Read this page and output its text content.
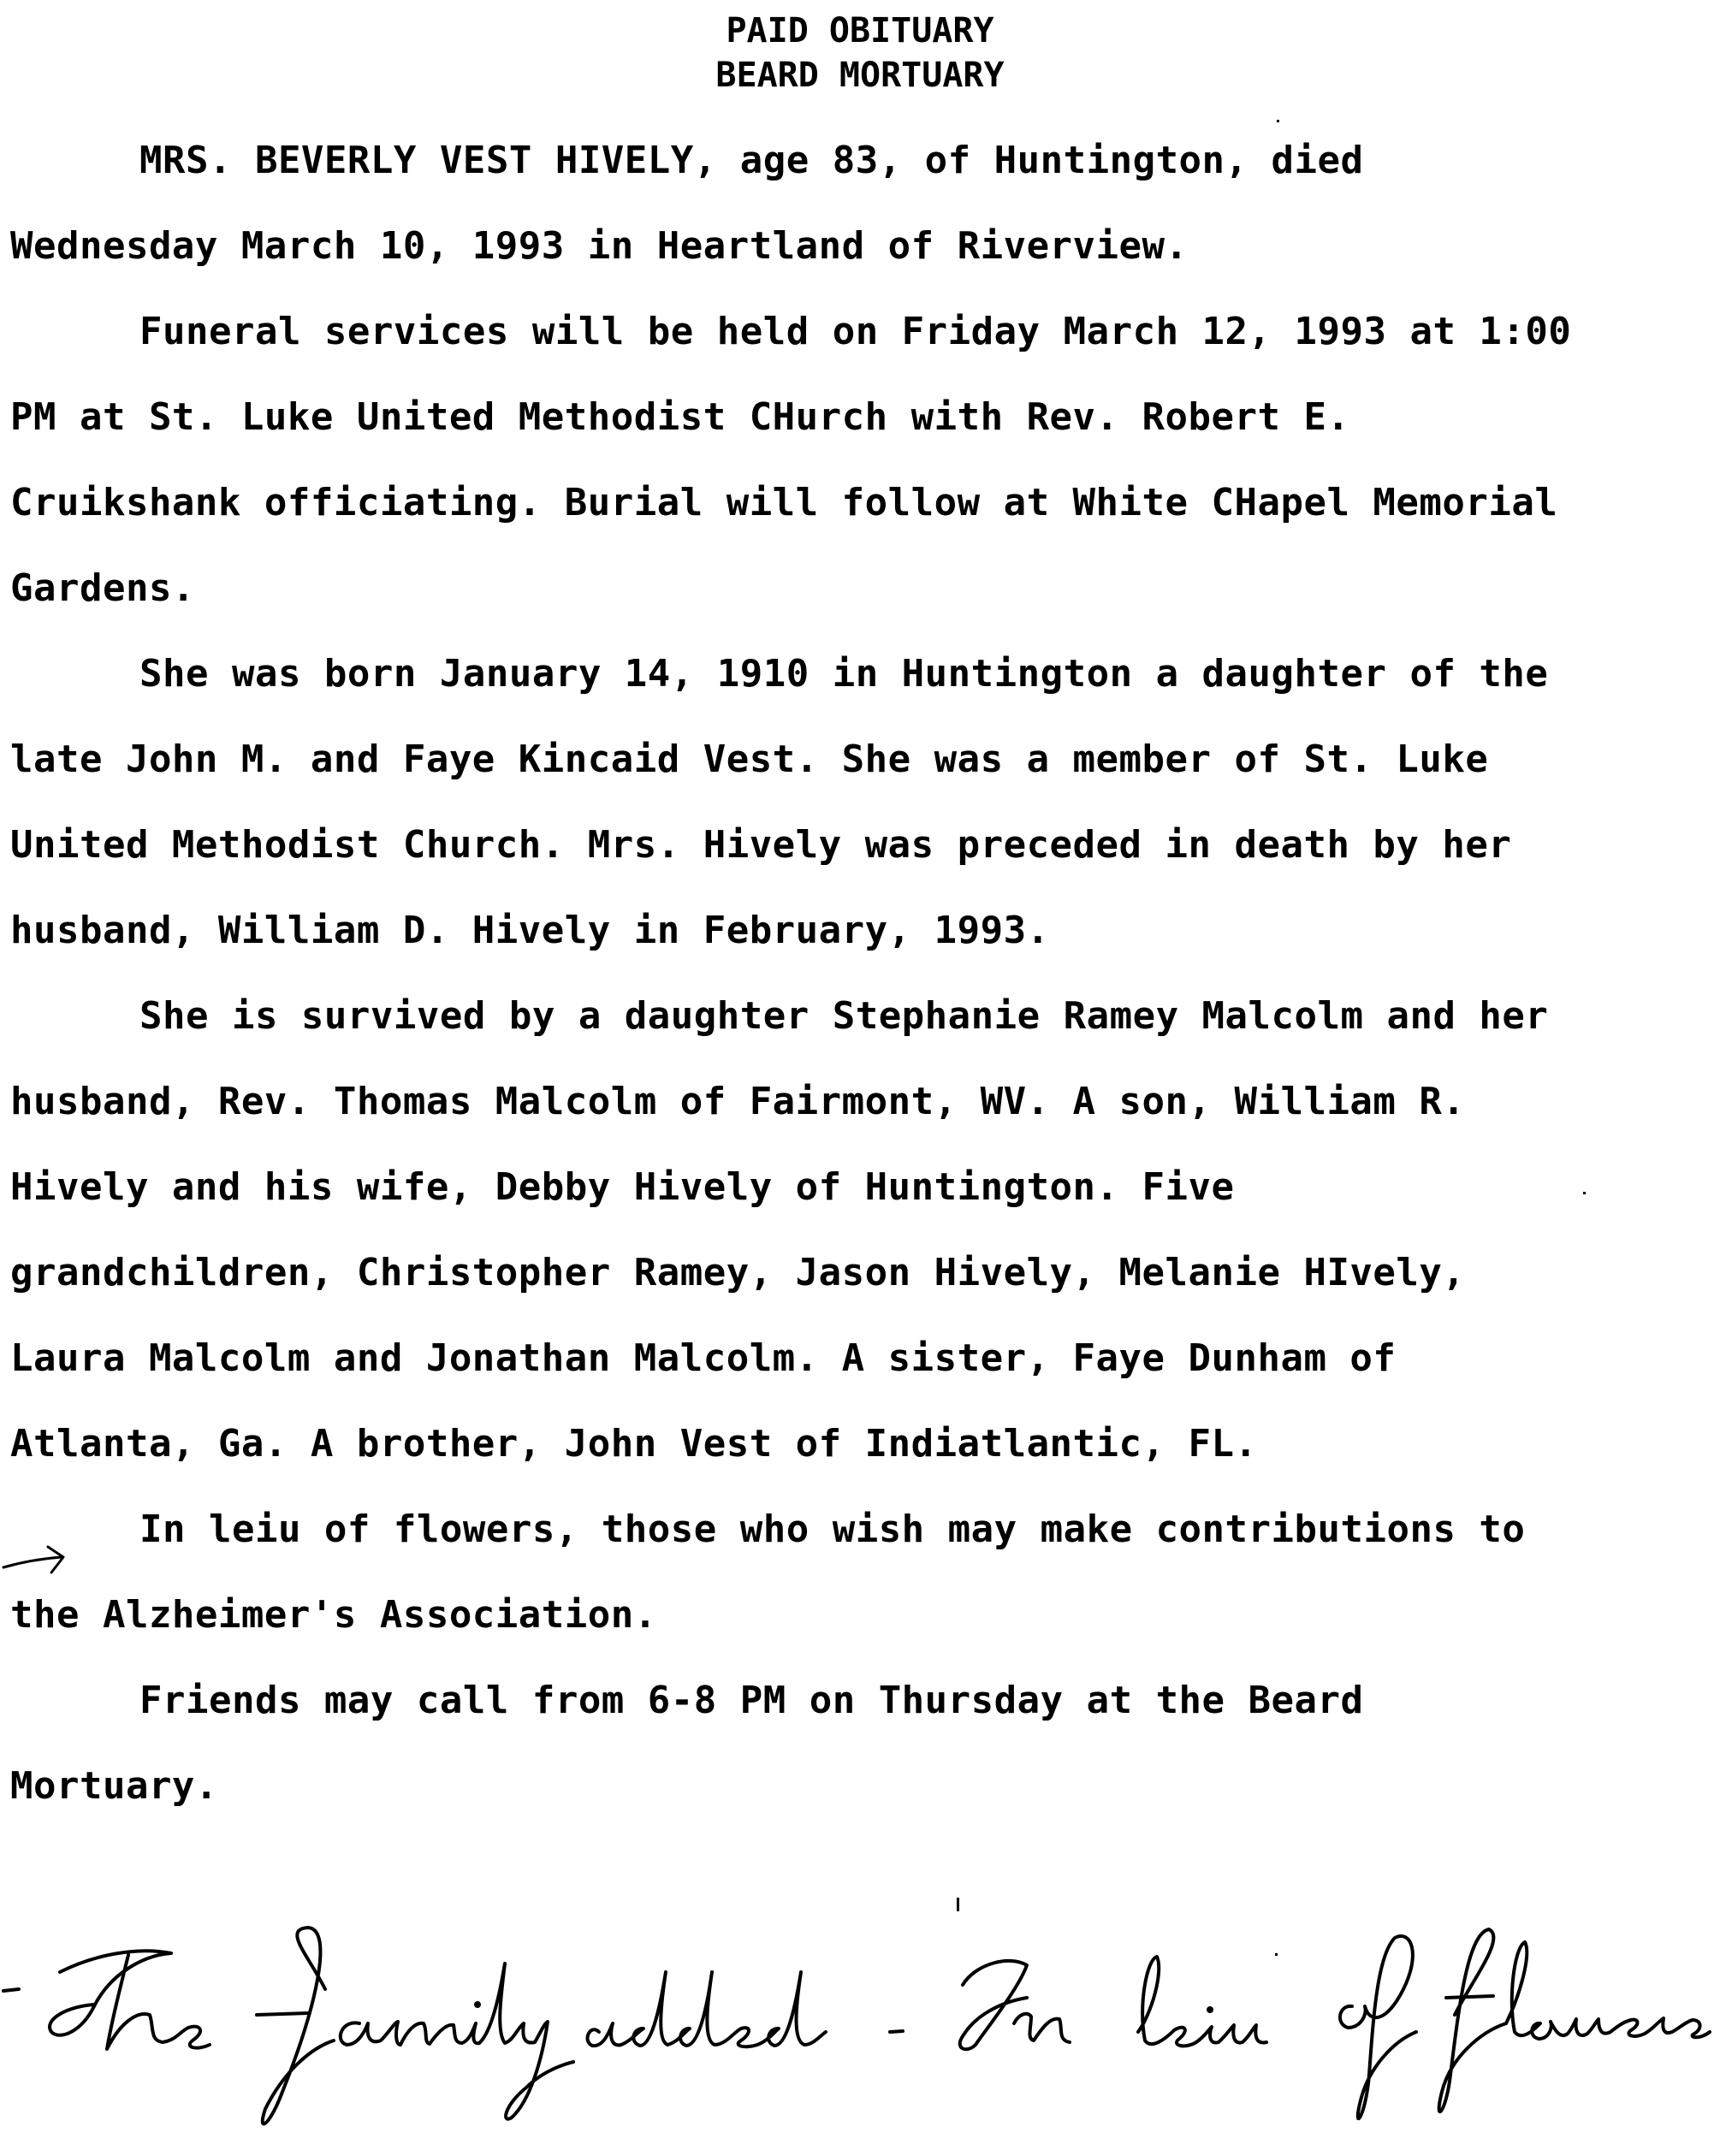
PAID OBITUARY
BEARD MORTUARY
MRS. BEVERLY VEST HIVELY, age 83, of Huntington, died
Wednesday March 10, 1993 in Heartland of Riverview.
Funeral services will be held on Friday March 12, 1993 at 1:00
PM at St. Luke United Methodist CHurch with Rev. Robert E.
Cruikshank officiating. Burial will follow at White CHapel Memorial
Gardens.
She was born January 14, 1910 in Huntington a daughter of the
late John M. and Faye Kincaid Vest. She was a member of St. Luke
United Methodist Church. Mrs. Hively was preceded in death by her
husband, William D. Hively in February, 1993.
She is survived by a daughter Stephanie Ramey Malcolm and her
husband, Rev. Thomas Malcolm of Fairmont, WV. A son, William R.
Hively and his wife, Debby Hively of Huntington. Five
grandchildren, Christopher Ramey, Jason Hively, Melanie HIvely,
Laura Malcolm and Jonathan Malcolm. A sister, Faye Dunham of
Atlanta, Ga. A brother, John Vest of Indiatlantic, FL.
In leiu of flowers, those who wish may make contributions to
the Alzheimer's Association.
Friends may call from 6-8 PM on Thursday at the Beard
Mortuary.
